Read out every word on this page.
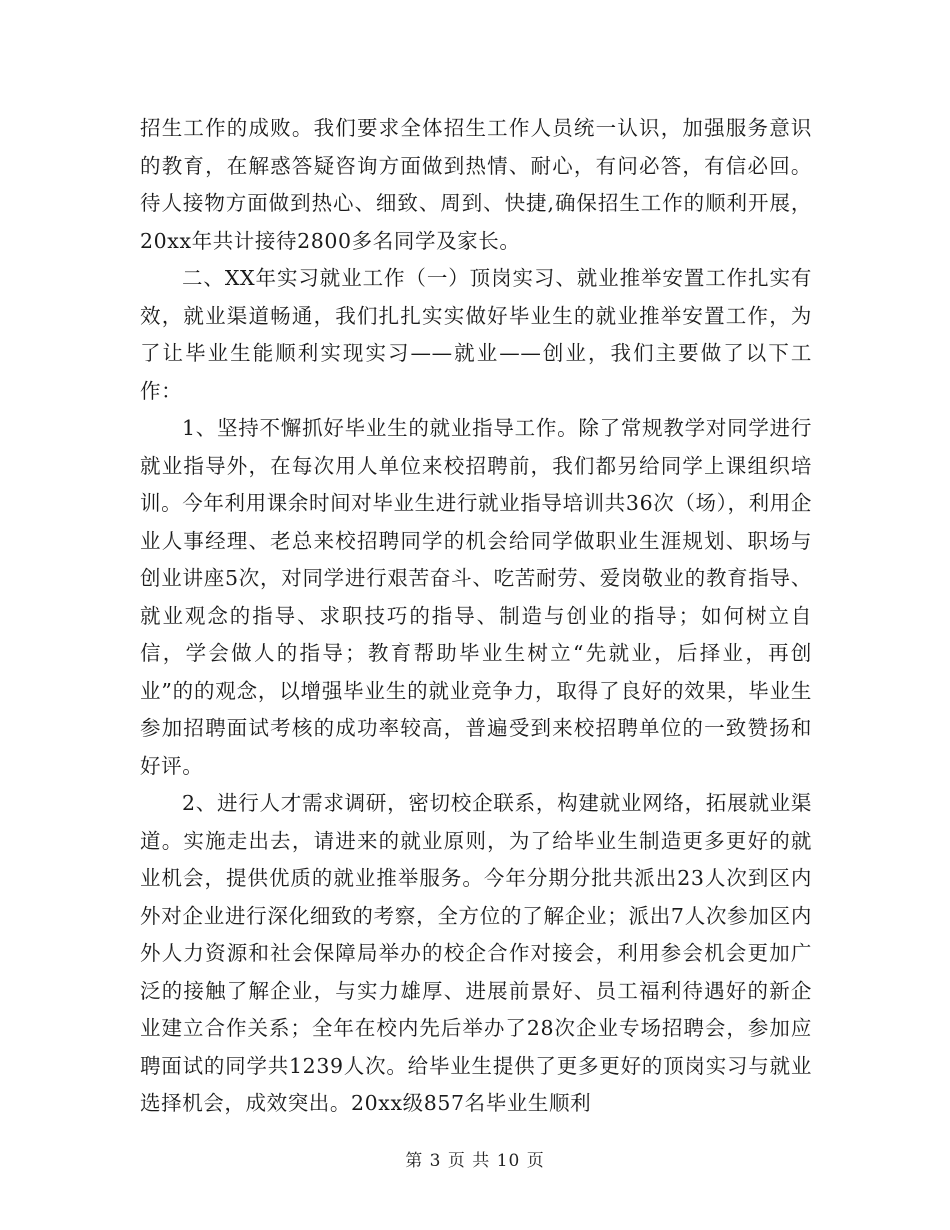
招生工作的成败。我们要求全体招生工作人员统一认识，加强服务意识的教育，在解惑答疑咨询方面做到热情、耐心，有问必答，有信必回。待人接物方面做到热心、细致、周到、快捷,确保招生工作的顺利开展，20xx年共计接待2800多名同学及家长。

二、XX年实习就业工作（一）顶岗实习、就业推举安置工作扎实有效，就业渠道畅通，我们扎扎实实做好毕业生的就业推举安置工作，为了让毕业生能顺利实现实习——就业——创业，我们主要做了以下工作：

1、坚持不懈抓好毕业生的就业指导工作。除了常规教学对同学进行就业指导外，在每次用人单位来校招聘前，我们都另给同学上课组织培训。今年利用课余时间对毕业生进行就业指导培训共36次（场），利用企业人事经理、老总来校招聘同学的机会给同学做职业生涯规划、职场与创业讲座5次，对同学进行艰苦奋斗、吃苦耐劳、爱岗敬业的教育指导、就业观念的指导、求职技巧的指导、制造与创业的指导；如何树立自信，学会做人的指导；教育帮助毕业生树立“先就业，后择业，再创业”的的观念，以增强毕业生的就业竞争力，取得了良好的效果，毕业生参加招聘面试考核的成功率较高，普遍受到来校招聘单位的一致赞扬和好评。

2、进行人才需求调研，密切校企联系，构建就业网络，拓展就业渠道。实施走出去，请进来的就业原则，为了给毕业生制造更多更好的就业机会，提供优质的就业推举服务。今年分期分批共派出23人次到区内外对企业进行深化细致的考察，全方位的了解企业；派出7人次参加区内外人力资源和社会保障局举办的校企合作对接会，利用参会机会更加广泛的接触了解企业，与实力雄厚、进展前景好、员工福利待遇好的新企业建立合作关系；全年在校内先后举办了28次企业专场招聘会，参加应聘面试的同学共1239人次。给毕业生提供了更多更好的顶岗实习与就业选择机会，成效突出。20xx级857名毕业生顺利

第 3 页 共 10 页
